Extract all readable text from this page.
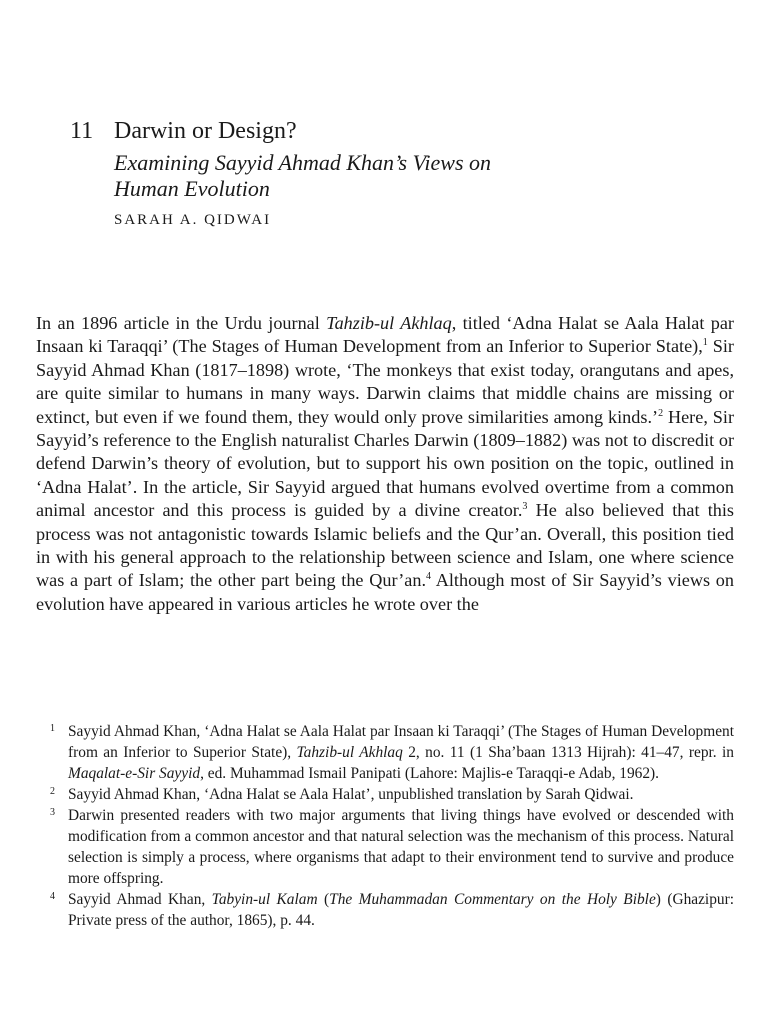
11 Darwin or Design?
Examining Sayyid Ahmad Khan’s Views on
Human Evolution
SARAH A. QIDWAI

In an 1896 article in the Urdu journal Tahzib-ul Akhlaq, titled ‘Adna Halat se Aala Halat par Insaan ki Taraqqi’ (The Stages of Human Development from an Inferior to Superior State),$^1$ Sir Sayyid Ahmad Khan (1817–1898) wrote, ‘The monkeys that exist today, orangutans and apes, are quite similar to humans in many ways. Darwin claims that middle chains are missing or extinct, but even if we found them, they would only prove similarities among kinds.’$^2$ Here, Sir Sayyid’s reference to the English naturalist Charles Darwin (1809–1882) was not to discredit or defend Darwin’s theory of evolution, but to support his own position on the topic, outlined in ‘Adna Halat’. In the article, Sir Sayyid argued that humans evolved overtime from a common animal ancestor and this process is guided by a divine creator.$^3$ He also believed that this process was not antagonistic towards Islamic beliefs and the Qur’an. Overall, this position tied in with his general approach to the relationship between science and Islam, one where science was a part of Islam; the other part being the Qur’an.$^4$ Although most of Sir Sayyid’s views on evolution have appeared in various articles he wrote over the

1 Sayyid Ahmad Khan, ‘Adna Halat se Aala Halat par Insaan ki Taraqqi’ (The Stages of Human Development from an Inferior to Superior State), Tahzib-ul Akhlaq 2, no. 11 (1 Sha’baan 1313 Hijrah): 41–47, repr. in Maqalat-e-Sir Sayyid, ed. Muhammad Ismail Panipati (Lahore: Majlis-e Taraqqi-e Adab, 1962).
2 Sayyid Ahmad Khan, ‘Adna Halat se Aala Halat’, unpublished translation by Sarah Qidwai.
3 Darwin presented readers with two major arguments that living things have evolved or descended with modification from a common ancestor and that natural selection was the mechanism of this process. Natural selection is simply a process, where organisms that adapt to their environment tend to survive and produce more offspring.
4 Sayyid Ahmad Khan, Tabyin-ul Kalam (The Muhammadan Commentary on the Holy Bible) (Ghazipur: Private press of the author, 1865), p. 44.
